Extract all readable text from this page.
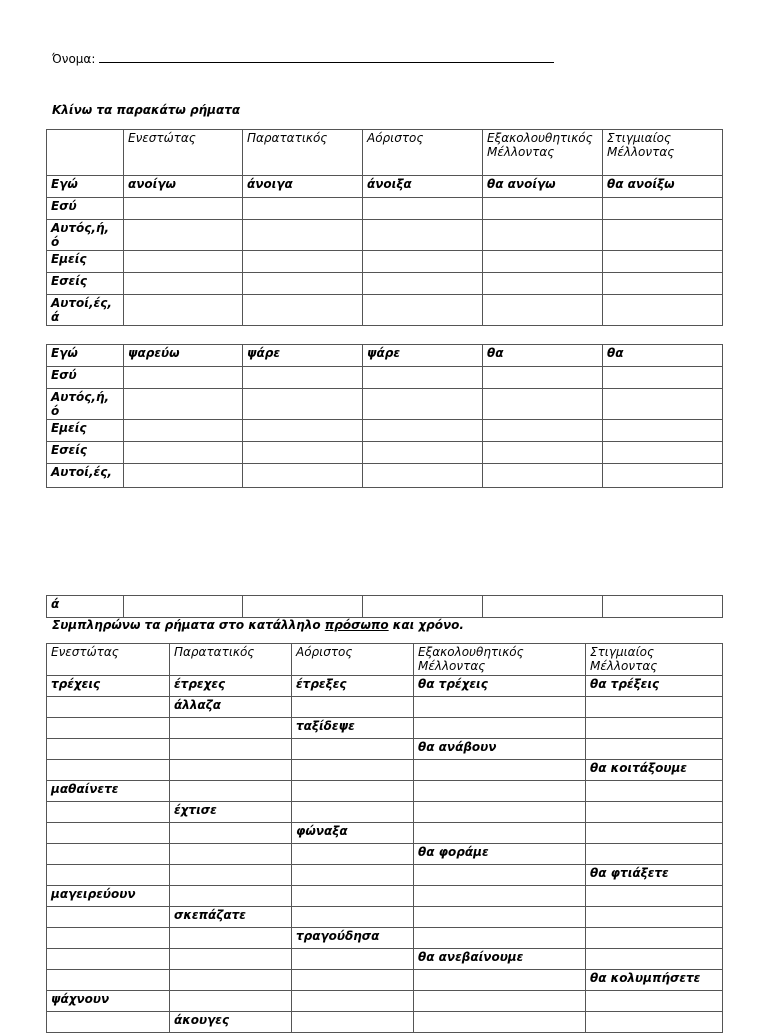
Όνομα:
Κλίνω τα παρακάτω ρήματα
	Ενεστώτας	Παρατατικός	Αόριστος	Εξακολουθητικός Μέλλοντας	Στιγμιαίος Μέλλοντας
Εγώ	ανοίγω	άνοιγα	άνοιξα	θα ανοίγω	θα ανοίξω
Εσύ					
Αυτός,ή, ό					
Εμείς					
Εσείς					
Αυτοί,ές, ά					
Εγώ	ψαρεύω	ψάρε	ψάρε	θα	θα
Εσύ					
Αυτός,ή, ό					
Εμείς					
Εσείς					
Αυτοί,ές,					
ά					
Συμπληρώνω τα ρήματα στο κατάλληλο πρόσωπο και χρόνο.
Ενεστώτας	Παρατατικός	Αόριστος	Εξακολουθητικός Μέλλοντας	Στιγμιαίος Μέλλοντας
τρέχεις	έτρεχες	έτρεξες	θα τρέχεις	θα τρέξεις
	άλλαζα			
		ταξίδεψε		
			θα ανάβουν	
				θα κοιτάξουμε
μαθαίνετε				
	έχτισε			
		φώναξα		
			θα φοράμε	
				θα φτιάξετε
μαγειρεύουν				
	σκεπάζατε			
		τραγούδησα		
			θα ανεβαίνουμε	
				θα κολυμπήσετε
ψάχνουν				
	άκουγες			
